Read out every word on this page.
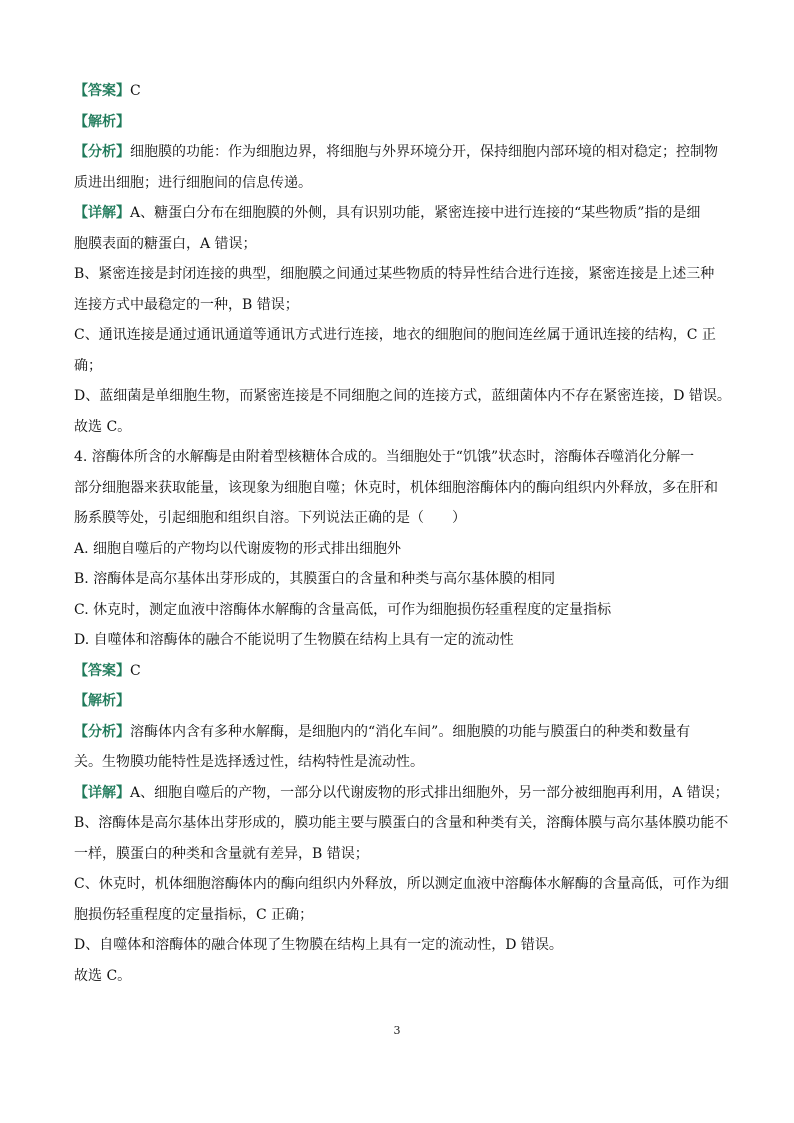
【答案】C
【解析】
【分析】细胞膜的功能：作为细胞边界，将细胞与外界环境分开，保持细胞内部环境的相对稳定；控制物
质进出细胞；进行细胞间的信息传递。
【详解】A、糖蛋白分布在细胞膜的外侧，具有识别功能，紧密连接中进行连接的“某些物质”指的是细
胞膜表面的糖蛋白，A 错误；
B、紧密连接是封闭连接的典型，细胞膜之间通过某些物质的特异性结合进行连接，紧密连接是上述三种
连接方式中最稳定的一种，B 错误；
C、通讯连接是通过通讯通道等通讯方式进行连接，地衣的细胞间的胞间连丝属于通讯连接的结构，C 正
确；
D、蓝细菌是单细胞生物，而紧密连接是不同细胞之间的连接方式，蓝细菌体内不存在紧密连接，D 错误。
故选 C。
4. 溶酶体所含的水解酶是由附着型核糖体合成的。当细胞处于“饥饿”状态时，溶酶体吞噬消化分解一
部分细胞器来获取能量，该现象为细胞自噬；休克时，机体细胞溶酶体内的酶向组织内外释放，多在肝和
肠系膜等处，引起细胞和组织自溶。下列说法正确的是（　　）
A. 细胞自噬后的产物均以代谢废物的形式排出细胞外
B. 溶酶体是高尔基体出芽形成的，其膜蛋白的含量和种类与高尔基体膜的相同
C. 休克时，测定血液中溶酶体水解酶的含量高低，可作为细胞损伤轻重程度的定量指标
D. 自噬体和溶酶体的融合不能说明了生物膜在结构上具有一定的流动性
【答案】C
【解析】
【分析】溶酶体内含有多种水解酶，是细胞内的“消化车间”。细胞膜的功能与膜蛋白的种类和数量有
关。生物膜功能特性是选择透过性，结构特性是流动性。
【详解】A、细胞自噬后的产物，一部分以代谢废物的形式排出细胞外，另一部分被细胞再利用，A 错误；
B、溶酶体是高尔基体出芽形成的，膜功能主要与膜蛋白的含量和种类有关，溶酶体膜与高尔基体膜功能不
一样，膜蛋白的种类和含量就有差异，B 错误；
C、休克时，机体细胞溶酶体内的酶向组织内外释放，所以测定血液中溶酶体水解酶的含量高低，可作为细
胞损伤轻重程度的定量指标，C 正确；
D、自噬体和溶酶体的融合体现了生物膜在结构上具有一定的流动性，D 错误。
故选 C。
3
